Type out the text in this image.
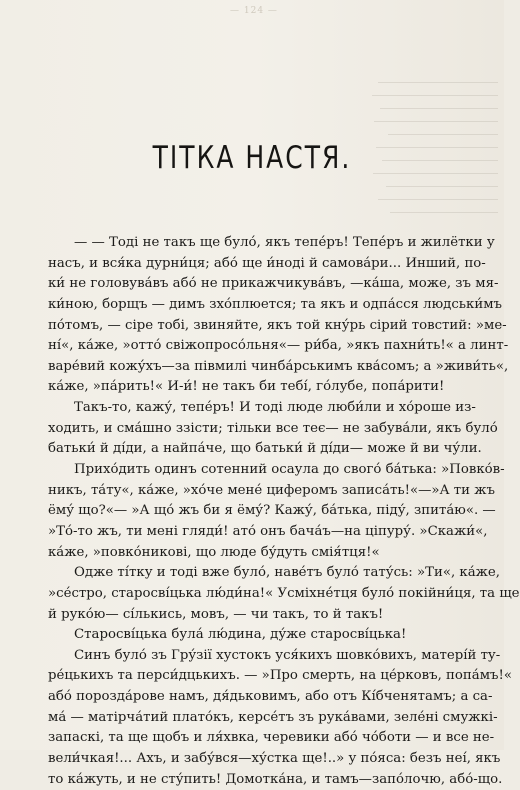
— 124 —
ТІТКА НАСТЯ.
— — Тоді не такъ ще було́, якъ тепе́ръ! Тепе́ръ и жилётки у
насъ, и вся́ка дурни́ця; або́ ще и́ноді й самова́ри... Инший, по-
ки́ не головува́въ або́ не прикажчикува́въ, —ка́ша, може, зъ мя-
ки́ною, борщъ — димъ зхо́плюется; та якъ и одпа́сся людськи́мъ
по́томъ, — сіре тобі, звиняйте, якъ той кну́рь сірий товстий: »ме-
ні́«, ка́же, »отто́ свіжопросо́льня«— ри́ба, »якъ пахни́ть!« а линт-
варе́вий кожу́хъ—за півмилі чинба́рськимъ ква́сомъ; а »живи́ть«,
ка́же, »па́рить!« И-и́! не такъ би тебі́, го́лубе, попа́рити!
Такъ-то, кажу́, тепе́ръ! И тоді люде люби́ли и хо́роше из-
ходить, и сма́шно ззісти; тільки все теє— не забува́ли, якъ було́
батьки́ й ді́ди, а найпа́че, що батьки́ й ді́ди— може й ви чу́ли.
Прихо́дить одинъ сотенний осаула до свого́ ба́тька: »Повко́в-
никъ, та́ту«, ка́же, »хо́че мене́ циферомъ записа́ть!«—»А ти жъ
ёму́ що?«— »А що́ жъ би я ёму́? Кажу́, ба́тька, піду́, зпита́ю«. —
»То́-то жъ, ти мені гляди́! ато́ онъ бача́ъ—на ціпуру́. »Скажи́«,
ка́же, »повко́никові, що люде бу́дуть смія́тця!«
Одже ті́тку и тоді вже було́, наве́тъ було́ тату́сь: »Ти«, ка́же,
»се́стро, старосві́цька лю́ди́на!« Усміхне́тця було́ покійни́ця, та ще
й руко́ю— сі́лькись, мовъ, — чи такъ, то й такъ!
Старосві́цька була́ лю́дина, ду́же старосві́цька!
Синъ було́ зъ Гру́зії хустокъ уся́кихъ шовко́вихъ, матері́й ту-
ре́цькихъ та перси́дцькихъ. — »Про смерть, на це́рковъ, попа́мъ!«
або́ порозда́рове намъ, дя́дьковимъ, або отъ Кі́бченятамъ; а са-
ма́ — матірча́тий плато́къ, керсе́тъ зъ рука́вами, зеле́ні смужкі-
запаскі, та ще щобъ и ля́хвка, черевики або́ чо́боти — и все не-
вели́чкая!... Ахъ, и забу́вся—ху́стка ще!..» у по́яса: безъ неі́, якъ
то ка́жуть, и не сту́пить! Домотка́на, и тамъ—запо́лочю, або́-що.
